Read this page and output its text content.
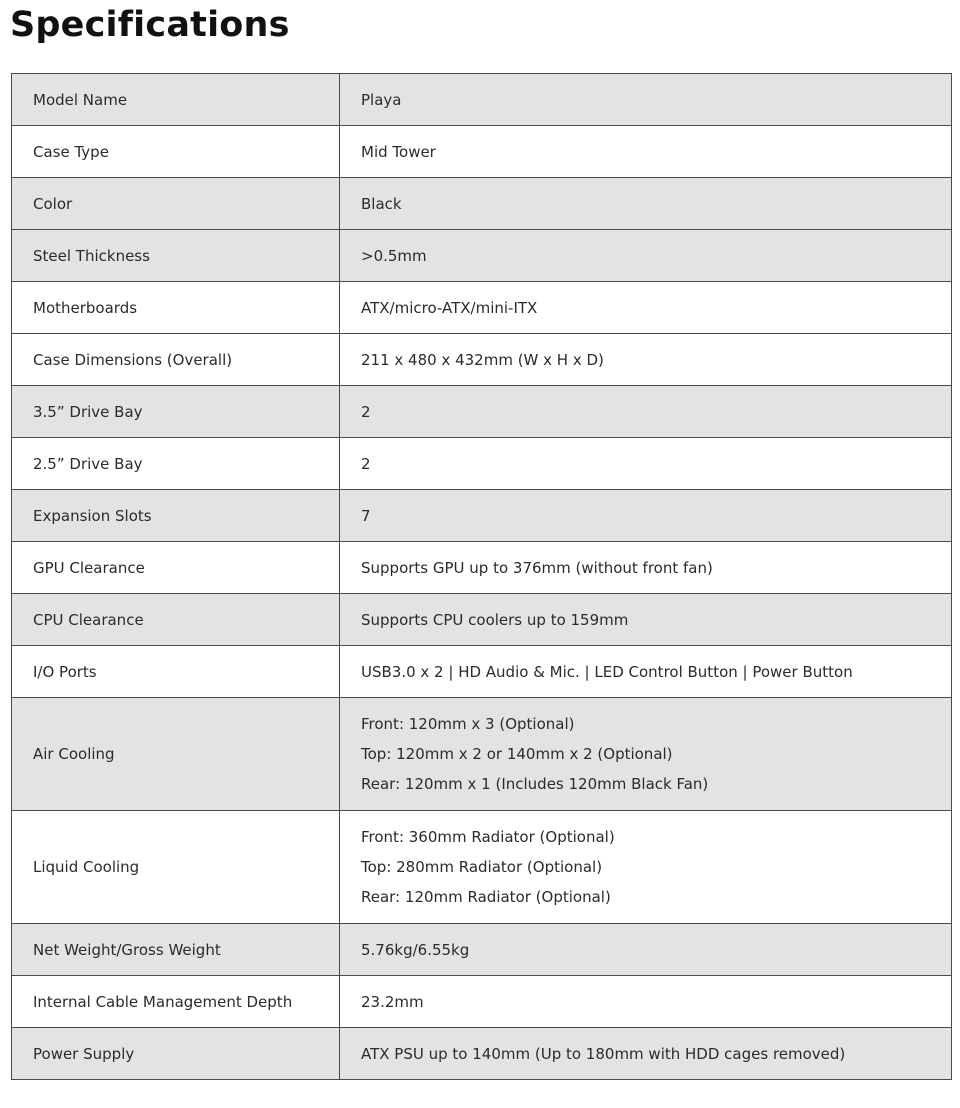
Specifications
Model Name	Playa
Case Type	Mid Tower
Color	Black
Steel Thickness	>0.5mm
Motherboards	ATX/micro-ATX/mini-ITX
Case Dimensions (Overall)	211 x 480 x 432mm (W x H x D)
3.5” Drive Bay	2
2.5” Drive Bay	2
Expansion Slots	7
GPU Clearance	Supports GPU up to 376mm (without front fan)
CPU Clearance	Supports CPU coolers up to 159mm
I/O Ports	USB3.0 x 2 | HD Audio & Mic. | LED Control Button | Power Button
Air Cooling	Front: 120mm x 3 (Optional)
Top: 120mm x 2 or 140mm x 2 (Optional)
Rear: 120mm x 1 (Includes 120mm Black Fan)

Liquid Cooling	Front: 360mm Radiator (Optional)
Top: 280mm Radiator (Optional)
Rear: 120mm Radiator (Optional)

Net Weight/Gross Weight	5.76kg/6.55kg
Internal Cable Management Depth	23.2mm
Power Supply	ATX PSU up to 140mm (Up to 180mm with HDD cages removed)
